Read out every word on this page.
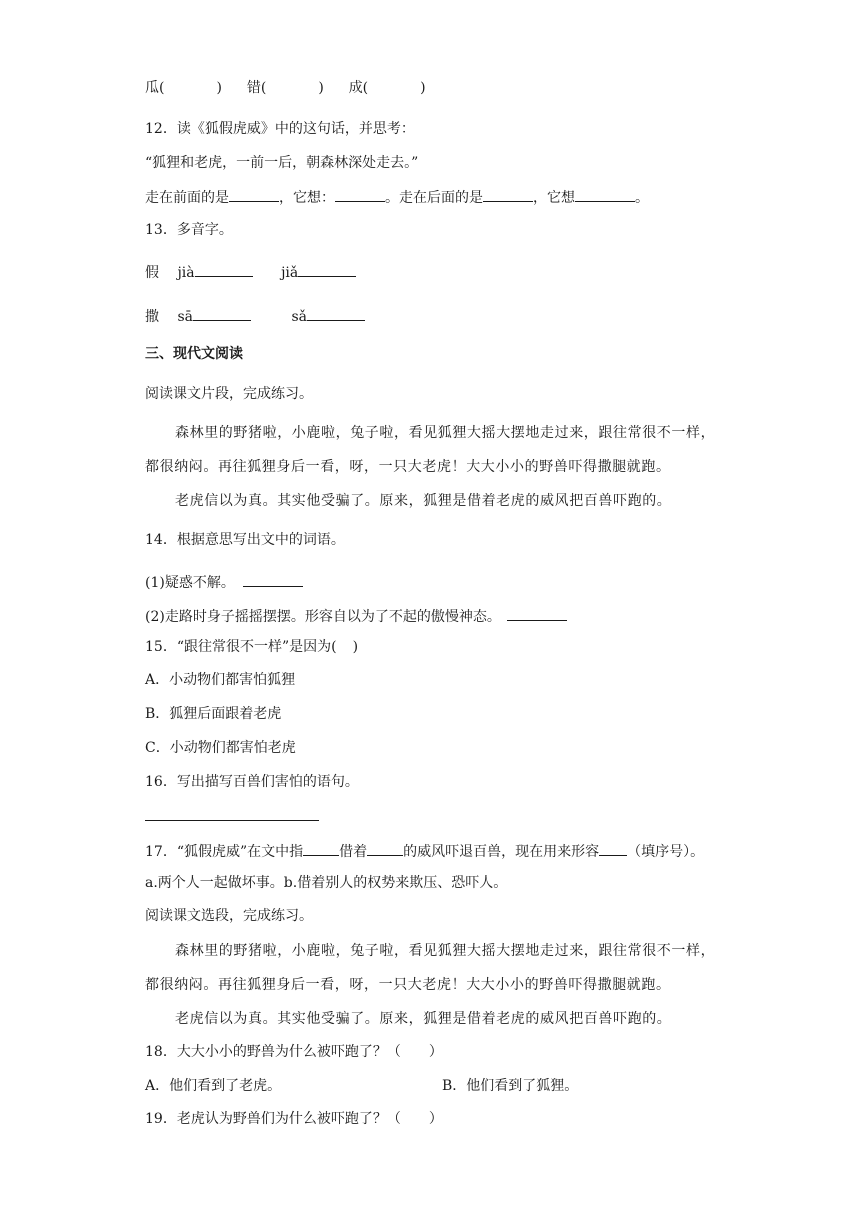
瓜(	) 错(	) 成(	)
12．读《狐假虎威》中的这句话，并思考：
“狐狸和老虎，一前一后，朝森林深处走去。”
走在前面的是	，它想：	。走在后面的是	，它想	。
13．多音字。
假 jià	jiǎ
撒 sā	sǎ
三、现代文阅读
阅读课文片段，完成练习。
森林里的野猪啦，小鹿啦，兔子啦，看见狐狸大摇大摆地走过来，跟往常很不一样，
都很纳闷。再往狐狸身后一看，呀，一只大老虎！大大小小的野兽吓得撒腿就跑。
老虎信以为真。其实他受骗了。原来，狐狸是借着老虎的威风把百兽吓跑的。
14．根据意思写出文中的词语。
(1)疑惑不解。
(2)走路时身子摇摇摆摆。形容自以为了不起的傲慢神态。
15．“跟往常很不一样”是因为( )
A．小动物们都害怕狐狸
B．狐狸后面跟着老虎
C．小动物们都害怕老虎
16．写出描写百兽们害怕的语句。
17．“狐假虎威”在文中指	借着	的威风吓退百兽，现在用来形容 （填序号）。
a.两个人一起做坏事。b.借着别人的权势来欺压、恐吓人。
阅读课文选段，完成练习。
森林里的野猪啦，小鹿啦，兔子啦，看见狐狸大摇大摆地走过来，跟往常很不一样，
都很纳闷。再往狐狸身后一看，呀，一只大老虎！大大小小的野兽吓得撒腿就跑。
老虎信以为真。其实他受骗了。原来，狐狸是借着老虎的威风把百兽吓跑的。
18．大大小小的野兽为什么被吓跑了？（　　）
A．他们看到了老虎。	B．他们看到了狐狸。
19．老虎认为野兽们为什么被吓跑了？（　　）
